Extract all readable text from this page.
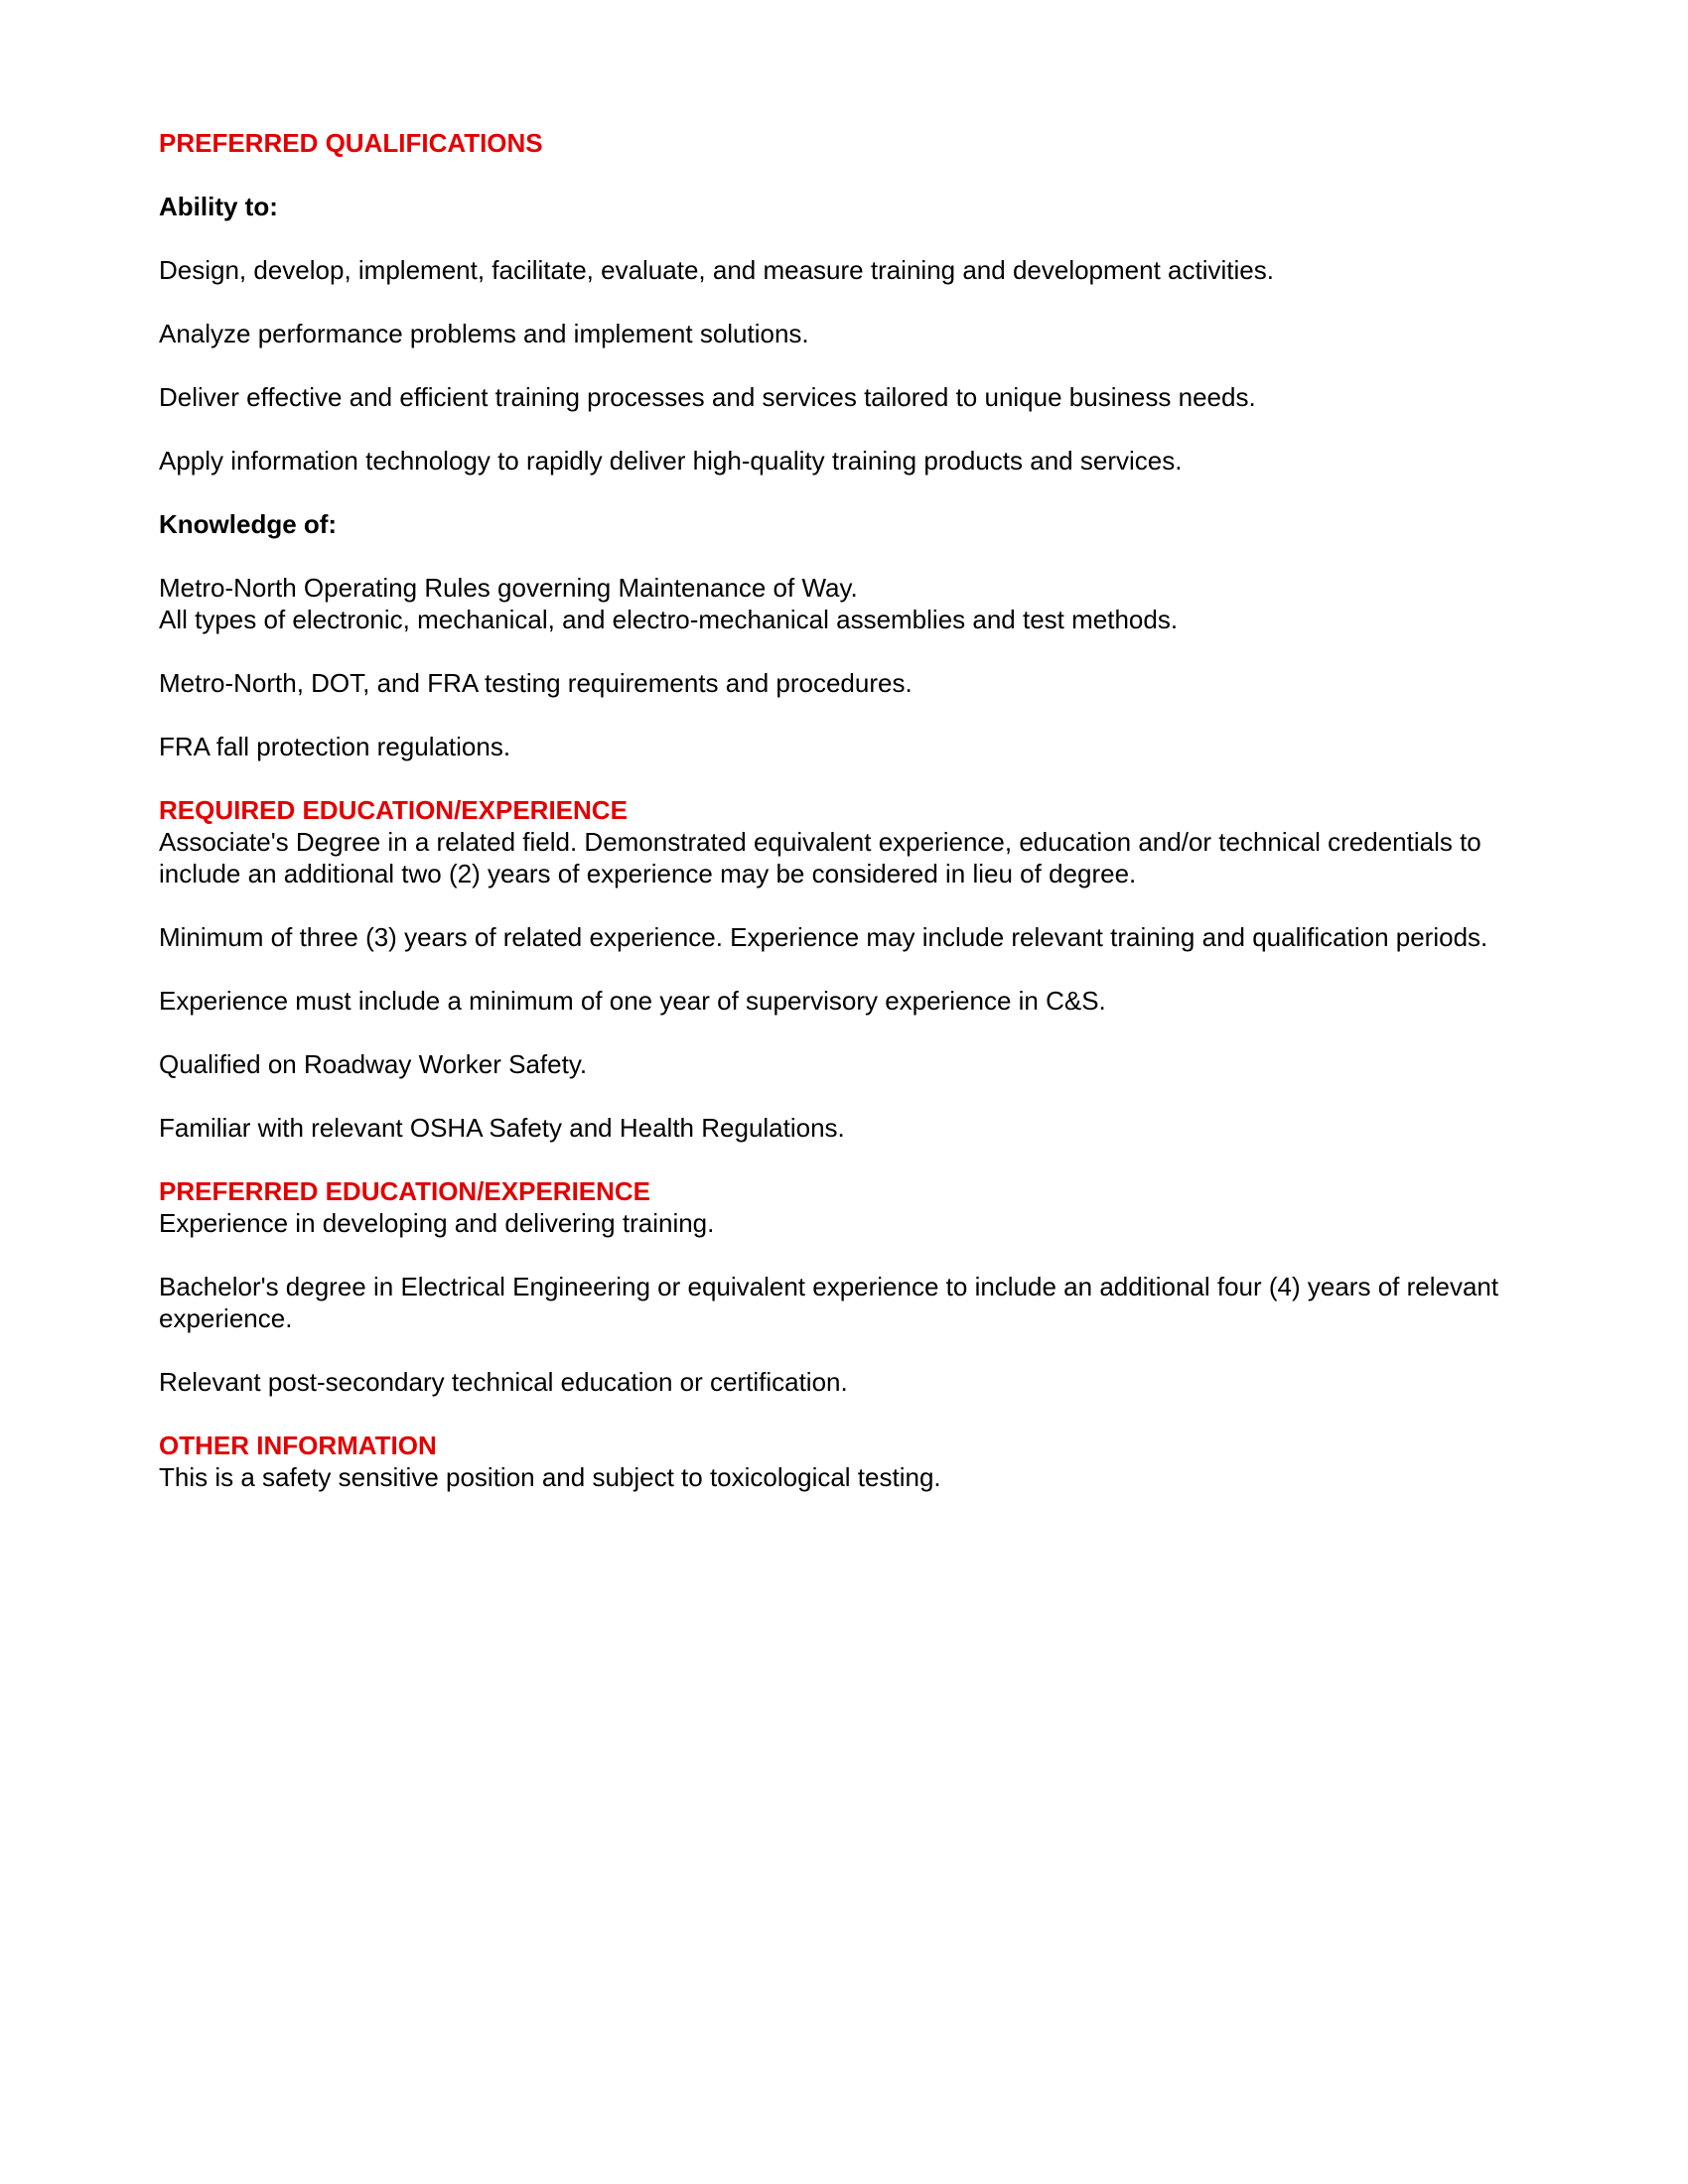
PREFERRED QUALIFICATIONS

Ability to:

Design, develop, implement, facilitate, evaluate, and measure training and development activities.

Analyze performance problems and implement solutions.

Deliver effective and efficient training processes and services tailored to unique business needs.

Apply information technology to rapidly deliver high-quality training products and services.

Knowledge of:

Metro-North Operating Rules governing Maintenance of Way.

All types of electronic, mechanical, and electro-mechanical assemblies and test methods.

Metro-North, DOT, and FRA testing requirements and procedures.

FRA fall protection regulations.

REQUIRED EDUCATION/EXPERIENCE

Associate's Degree in a related field. Demonstrated equivalent experience, education and/or technical credentials to include an additional two (2) years of experience may be considered in lieu of degree.

Minimum of three (3) years of related experience. Experience may include relevant training and qualification periods.

Experience must include a minimum of one year of supervisory experience in C&S.

Qualified on Roadway Worker Safety.

Familiar with relevant OSHA Safety and Health Regulations.

PREFERRED EDUCATION/EXPERIENCE

Experience in developing and delivering training.

Bachelor's degree in Electrical Engineering or equivalent experience to include an additional four (4) years of relevant experience.

Relevant post-secondary technical education or certification.

OTHER INFORMATION

This is a safety sensitive position and subject to toxicological testing.
